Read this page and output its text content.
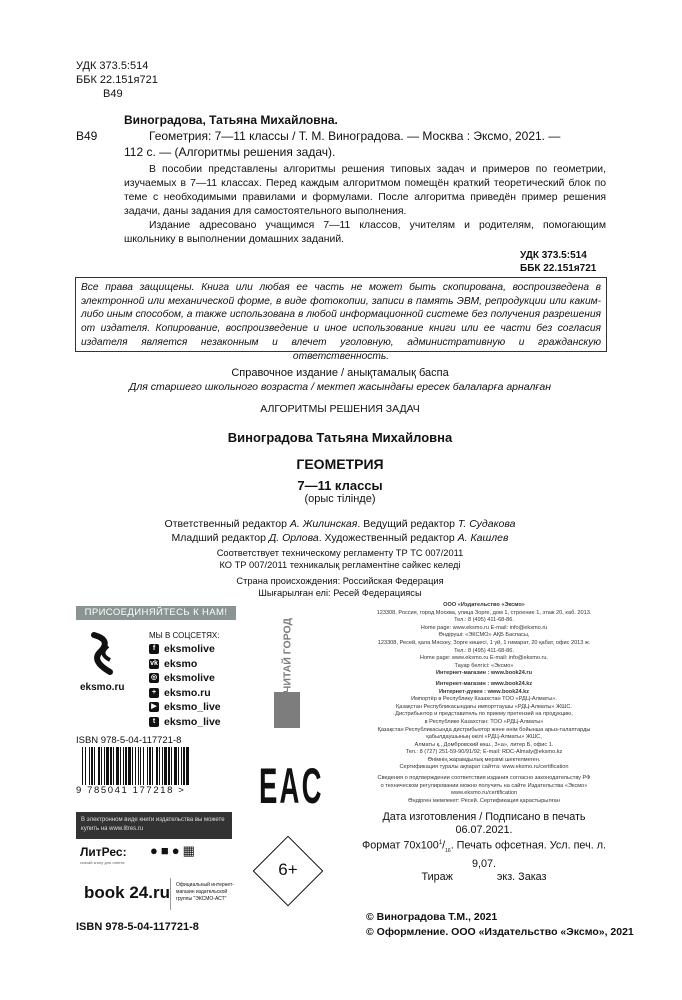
УДК 373.5:514
ББК 22.151я721
В49
Виноградова, Татьяна Михайловна.
В49	Геометрия: 7—11 классы / Т. М. Виноградова. — Москва : Эксмо, 2021. —
112 с. — (Алгоритмы решения задач).
В пособии представлены алгоритмы решения типовых задач и примеров по геометрии, изучаемых в 7—11 классах. Перед каждым алгоритмом помещён краткий теоретический блок по теме с необходимыми правилами и формулами. После алгоритма приведён пример решения задачи, даны задания для самостоятельного выполнения.
Издание адресовано учащимся 7—11 классов, учителям и родителям, помогающим школьнику в выполнении домашних заданий.
УДК 373.5:514
ББК 22.151я721
Все права защищены. Книга или любая ее часть не может быть скопирована, воспроизведена в электронной или механической форме, в виде фотокопии, записи в память ЭВМ, репродукции или каким-либо иным способом, а также использована в любой информационной системе без получения разрешения от издателя. Копирование, воспроизведение и иное использование книги или ее части без согласия издателя является незаконным и влечет уголовную, административную и гражданскую ответственность.
Справочное издание / анықтамалық баспа
Для старшего школьного возраста / мектеп жасындағы ересек балаларға арналған
АЛГОРИТМЫ РЕШЕНИЯ ЗАДАЧ
Виноградова Татьяна Михайловна
ГЕОМЕТРИЯ
7—11 классы
(орыс тілінде)
Ответственный редактор А. Жилинская. Ведущий редактор Т. Судакова
Младший редактор Д. Орлова. Художественный редактор А. Кашлев
Соответствует техническому регламенту ТР ТС 007/2011
КО ТР 007/2011 техникалық регламентіне сәйкес келеді
Страна происхождения: Российская Федерация
Шығарылған елі: Ресей Федерациясы
ПРИСОЕДИНЯЙТЕСЬ К НАМ!
eksmo.ru
МЫ В СОЦСЕТЯХ:
f eksmolive
vk eksmo
◎ eksmolive
+ eksmo.ru
▶ eksmo_live
t eksmo_live
ISBN 978-5-04-117721-8
9 785041 177218 >
В электронном виде книги издательства вы можете купить на www.litres.ru
ЛитРес:
скачай книгу для ответа
●■●▦
book 24.ru Официальный интернет-магазин издательской группы "ЭКСМО-АСТ"
ISBN 978-5-04-117721-8
ЧИТАЙ ГОРОД
EAC
6+
ООО «Издательство «Эксмо»
123308, Россия, город Москва, улица Зорге, дом 1, строение 1, этаж 20, каб. 2013.
Тел.: 8 (495) 411-68-86.
Home page: www.eksmo.ru E-mail: info@eksmo.ru
Өндіруші: «ЭКСМО» АҚБ Баспасы,
123308, Ресей, қала Мәскеу, Зорге көшесі, 1 үй, 1 ғимарат, 20 қабат, офис 2013 ж.
Тел.: 8 (495) 411-68-86.
Home page: www.eksmo.ru E-mail: info@eksmo.ru.
Тауар белгісі: «Эксмо»
Интернет-магазин : www.book24.ru
Интернет-магазин : www.book24.kz
Интернет-дүкен : www.book24.kz
Импортёр в Республику Казахстан ТОО «РДЦ-Алматы».
Қазақстан Республикасындағы импорттаушы «РДЦ-Алматы» ЖШС.
Дистрибьютор и представитель по приему претензий на продукцию,
в Республике Казахстан: ТОО «РДЦ-Алматы»
Қазақстан Республикасында дистрибьютор және өнім бойынша арыз-талаптарды
қабылдаушының өкілі «РДЦ-Алматы» ЖШС,
Алматы қ., Домбровский көш., 3«а», литер Б, офис 1.
Тел.: 8 (727) 251-59-90/91/92; E-mail: RDC-Almaty@eksmo.kz
Өнімнің жарамдылық мерзімі шектелмеген.
Сертификация туралы ақпарат сайтта: www.eksmo.ru/certification
Сведения о подтверждении соответствия издания согласно законодательству РФ
о техническом регулировании можно получить на сайте Издательства «Эксмо»
www.eksmo.ru/certification
Өндірген мемлекет: Ресей. Сертификация қарастырылған
Дата изготовления / Подписано в печать 06.07.2021.
Формат $70x100^1/_{16}$. Печать офсетная. Усл. печ. л. 9,07.
Тираж	экз. Заказ
© Виноградова Т.М., 2021
© Оформление. ООО «Издательство «Эксмо», 2021
